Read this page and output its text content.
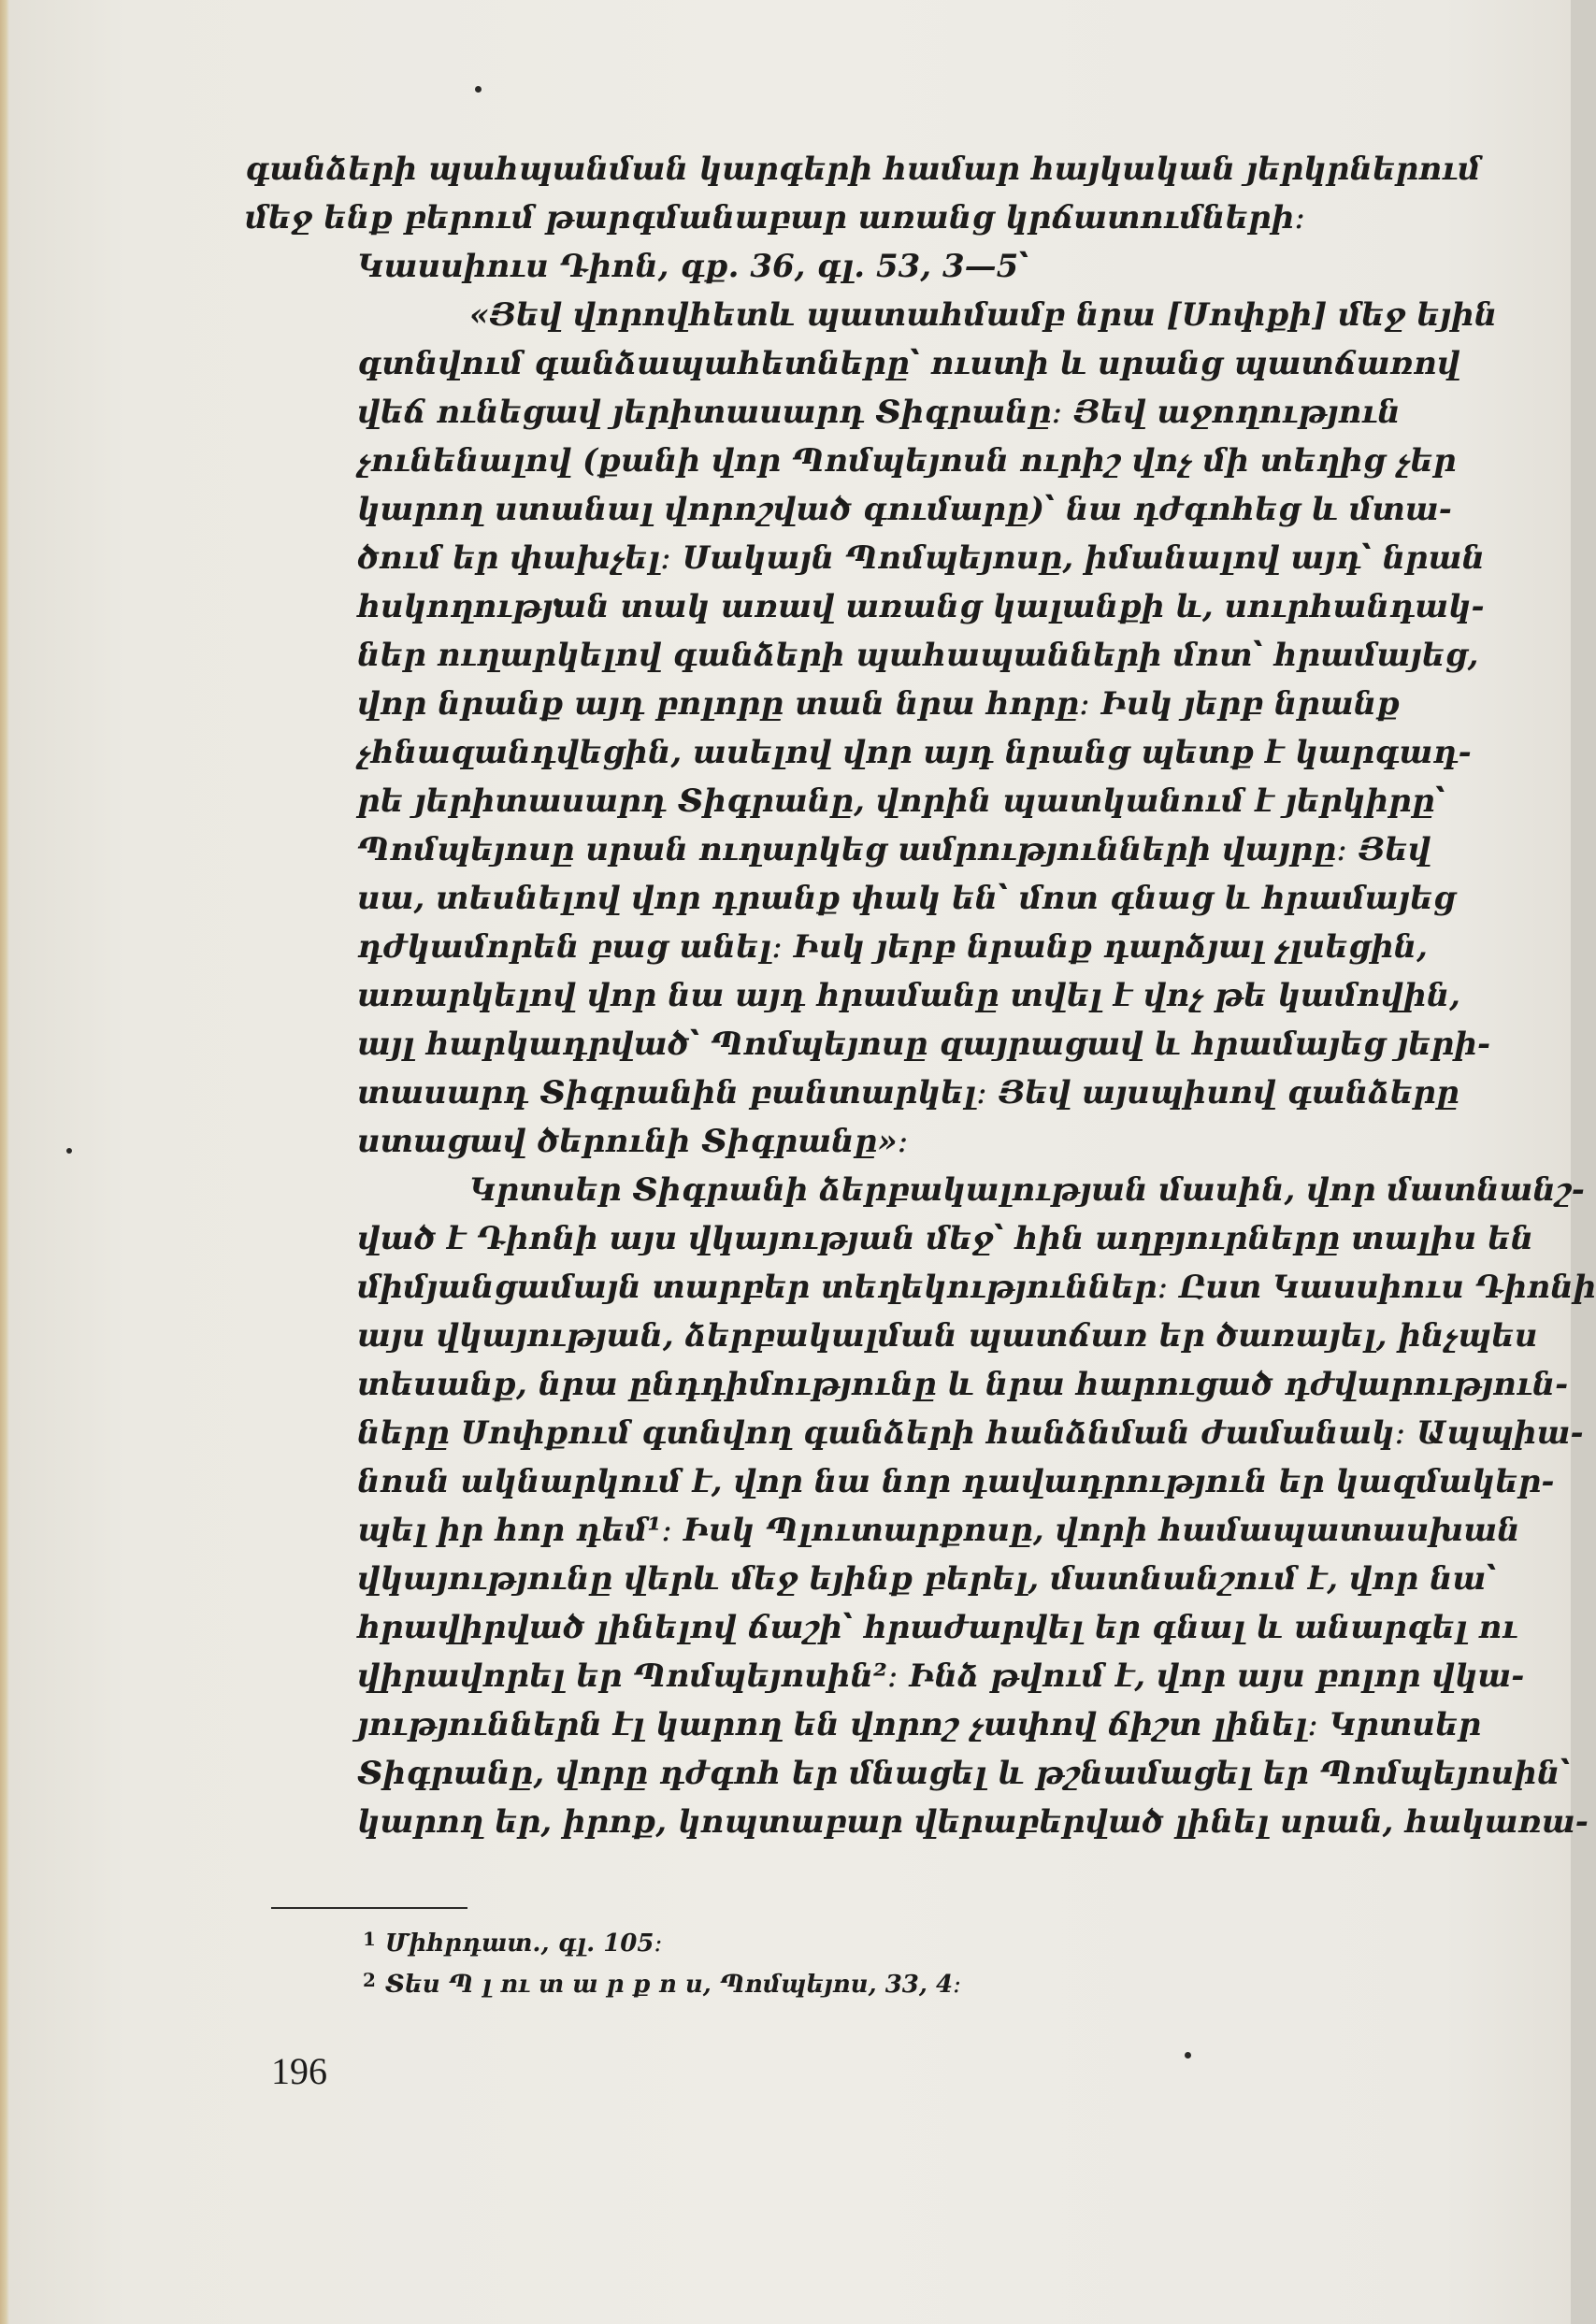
գանձերի պահպանման կարգերի համար հայկական յերկրներում
մեջ ենք բերում թարգմանաբար առանց կրճատումների։
Կասսիուս Դիոն, գք. 36, գլ. 53, 3—5՝
«Յեվ վորովհետև պատահմամբ նրա [Սոփքի] մեջ եյին
գտնվում գանձապահետները՝ ուստի և սրանց պատճառով
վեճ ունեցավ յերիտասարդ Տիգրանը։ Յեվ աջողություն
չունենալով (քանի վոր Պոմպեյոսն ուրիշ վոչ մի տեղից չեր
կարող ստանալ վորոշված գումարը)՝ նա դժգոհեց և մտա-
ծում եր փախչել։ Սակայն Պոմպեյոսը, իմանալով այդ՝ նրան
հսկողության տակ առավ առանց կալանքի և, սուրհանդակ-
ներ ուղարկելով գանձերի պահապանների մոտ՝ հրամայեց,
վոր նրանք այդ բոլորը տան նրա հորը։ Իսկ յերբ նրանք
չհնազանդվեցին, ասելով վոր այդ նրանց պետք է կարգադ-
րե յերիտասարդ Տիգրանը, վորին պատկանում է յերկիրը՝
Պոմպեյոսը սրան ուղարկեց ամրությունների վայրը։ Յեվ
սա, տեսնելով վոր դրանք փակ են՝ մոտ գնաց և հրամայեց
դժկամորեն բաց անել։ Իսկ յերբ նրանք դարձյալ չլսեցին,
առարկելով վոր նա այդ հրամանը տվել է վոչ թե կամովին,
այլ հարկադրված՝ Պոմպեյոսը զայրացավ և հրամայեց յերի-
տասարդ Տիգրանին բանտարկել։ Յեվ այսպիսով գանձերը
ստացավ ծերունի Տիգրանը»։
Կրտսեր Տիգրանի ձերբակալության մասին, վոր մատնանշ-
ված է Դիոնի այս վկայության մեջ՝ հին աղբյուրները տալիս են
միմյանցամայն տարբեր տեղեկություններ։ Ըստ Կասսիուս Դիոնի
այս վկայության, ձերբակալման պատճառ եր ծառայել, ինչպես
տեսանք, նրա ընդդիմությունը և նրա հարուցած դժվարություն-
ները Սոփքում գտնվող գանձերի հանձնման ժամանակ։ Ապպիա-
նոսն ակնարկում է, վոր նա նոր դավադրություն եր կազմակեր-
պել իր հոր դեմ¹։ Իսկ Պլուտարքոսը, վորի համապատասխան
վկայությունը վերև մեջ եյինք բերել, մատնանշում է, վոր նա՝
հրավիրված լինելով ճաշի՝ հրաժարվել եր գնալ և անարգել ու
վիրավորել եր Պոմպեյոսին²։ Ինձ թվում է, վոր այս բոլոր վկա-
յություններն էլ կարող են վորոշ չափով ճիշտ լինել։ Կրտսեր
Տիգրանը, վորը դժգոհ եր մնացել և թշնամացել եր Պոմպեյոսին՝
կարող եր, իրոք, կոպտաբար վերաբերված լինել սրան, հակառա-
$^1$ Միհրդատ., գլ. 105։
$^2$ Տես Պ լ ու տ ա ր ք ո ս, Պոմպեյոս, 33, 4։
196
